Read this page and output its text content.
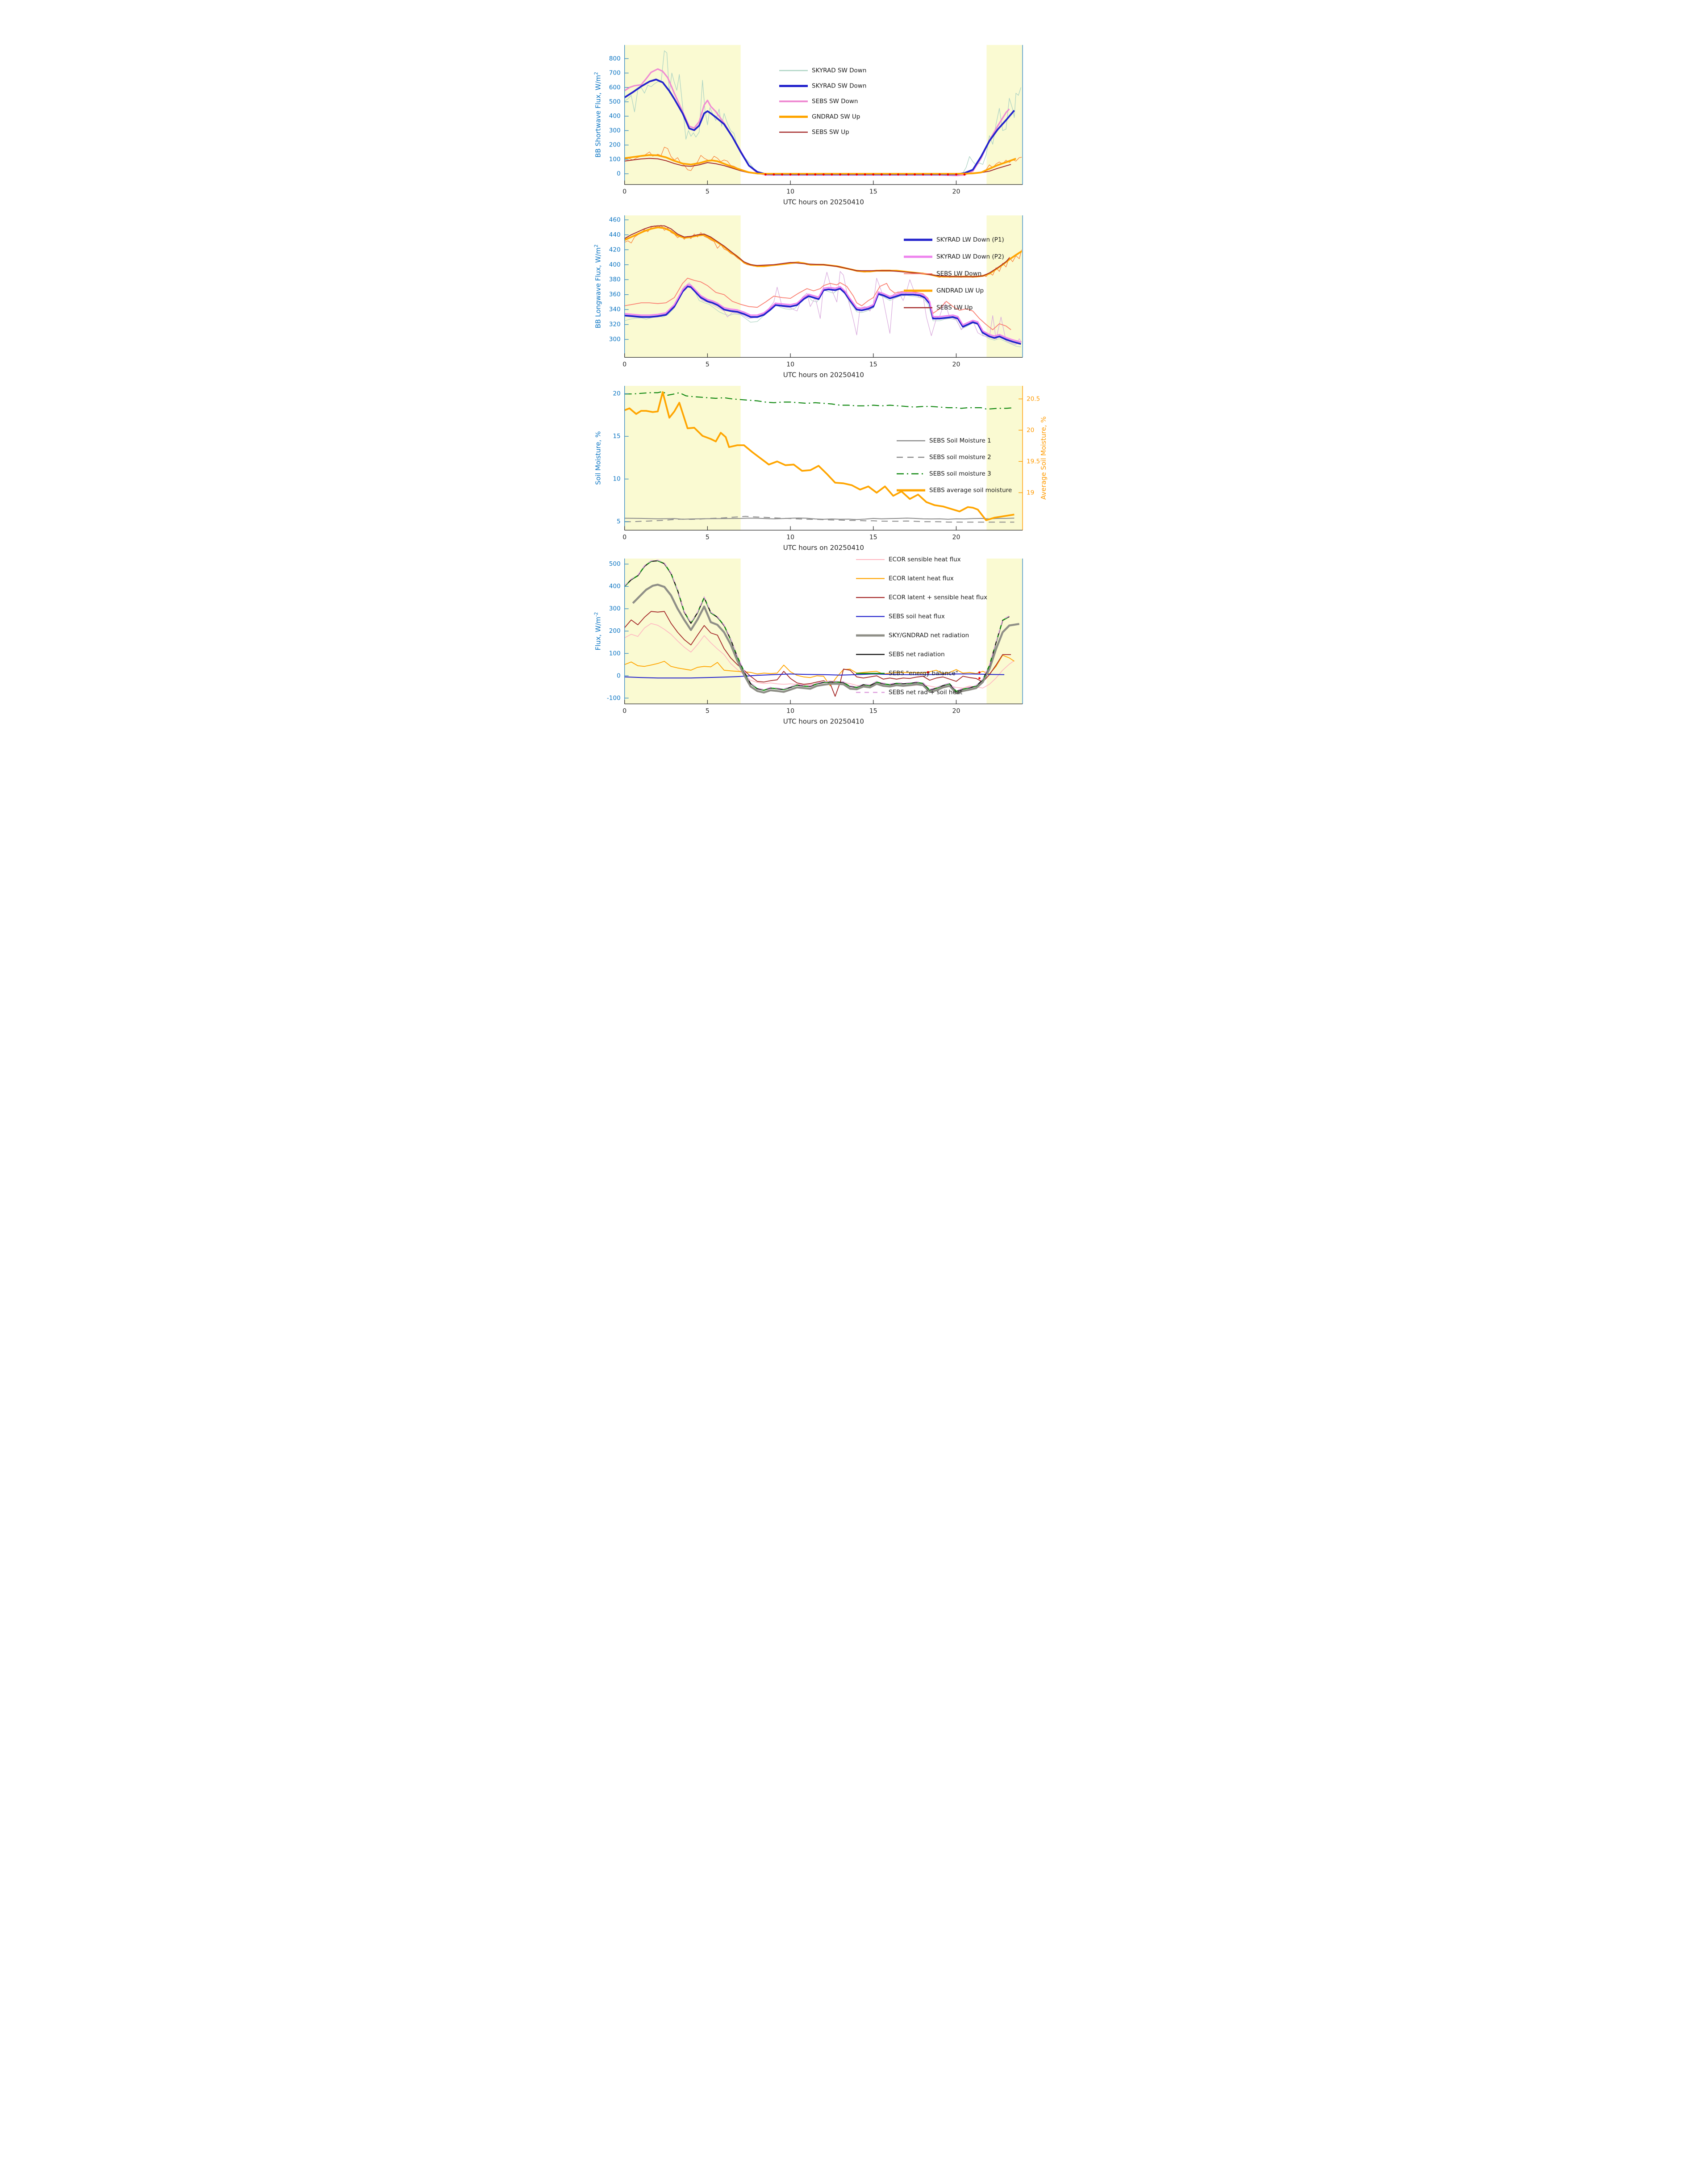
0
100
200
300
400
500
600
700
800
0	5	10	15	20
UTC hours on 20250410
BB Shortwave Flux, $W/m^2$	SKYRAD SW Down
SKYRAD SW Down
SEBS SW Down
GNDRAD SW Up
SEBS SW Up
300
320
340
360
380
400
420
440
460
0	5	10	15	20
UTC hours on 20250410
BB Longwave Flux, $W/m^2$
SKYRAD LW Down (P1)
SKYRAD LW Down (P2)
SEBS LW Down
GNDRAD LW Up
SEBS LW Up
5
10
15
20
19
19.5
20
20.5
0	5	10	15	20
UTC hours on 20250410
Soil Moisture, %	Average Soil Moisture, %
SEBS Soil Moisture 1
SEBS soil moisture 2
SEBS soil moisture 3
SEBS average soil moisture
-100
0
100
200
300
400
500
0	5	10	15	20
UTC hours on 20250410
Flux, $W/m^{-2}$
ECOR sensible heat flux
ECOR latent heat flux
ECOR latent + sensible heat flux
SEBS soil heat flux
SKY/GNDRAD net radiation
SEBS net radiation
SEBS "energy balance"
SEBS net rad + soil heat
